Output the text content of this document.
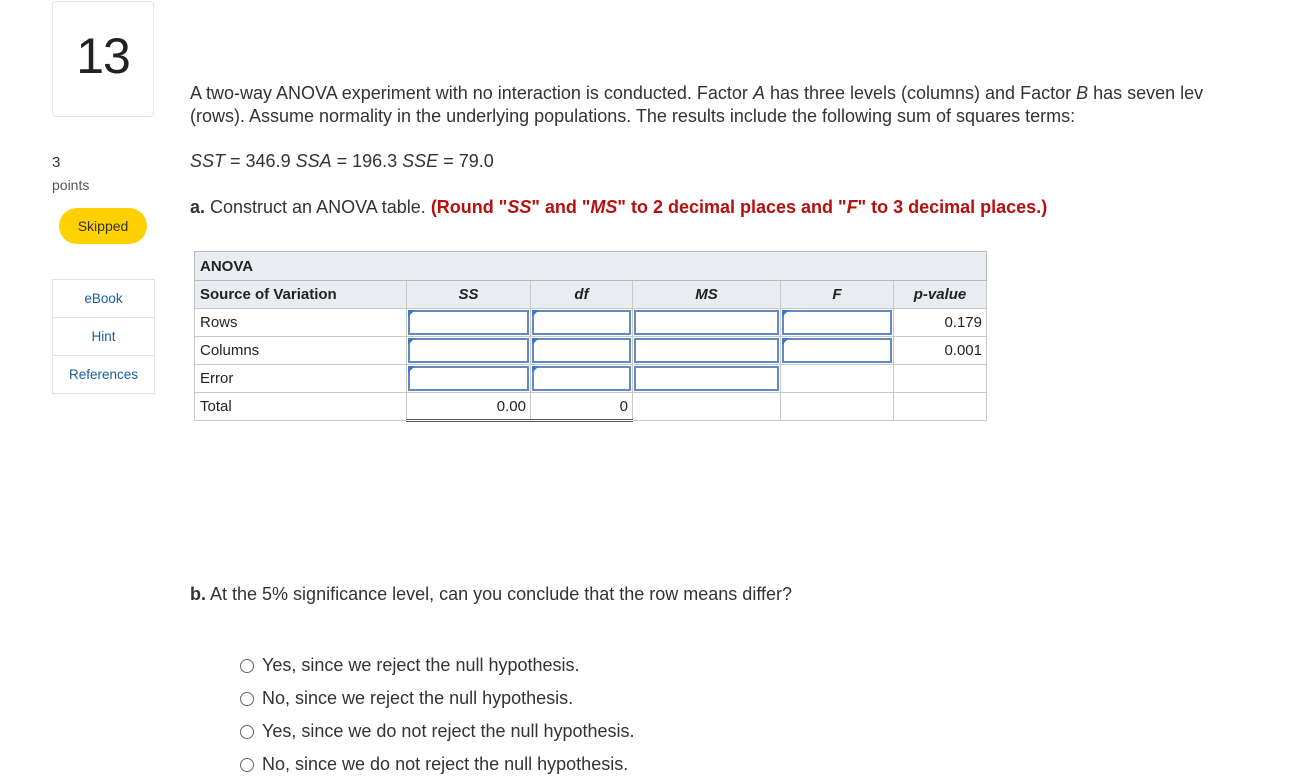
13
3
points
Skipped
eBook
Hint
References
A two-way ANOVA experiment with no interaction is conducted. Factor A has three levels (columns) and Factor B has seven lev
(rows). Assume normality in the underlying populations. The results include the following sum of squares terms:
SST = 346.9 SSA = 196.3 SSE = 79.0
a. Construct an ANOVA table. (Round "SS" and "MS" to 2 decimal places and "F" to 3 decimal places.)
ANOVA					
Source of Variation	SS	df	MS	F	p-value
Rows					0.179
Columns					0.001
Error	

Total	0.00	0			
b. At the 5% significance level, can you conclude that the row means differ?
Yes, since we reject the null hypothesis.
No, since we reject the null hypothesis.
Yes, since we do not reject the null hypothesis.
No, since we do not reject the null hypothesis.
